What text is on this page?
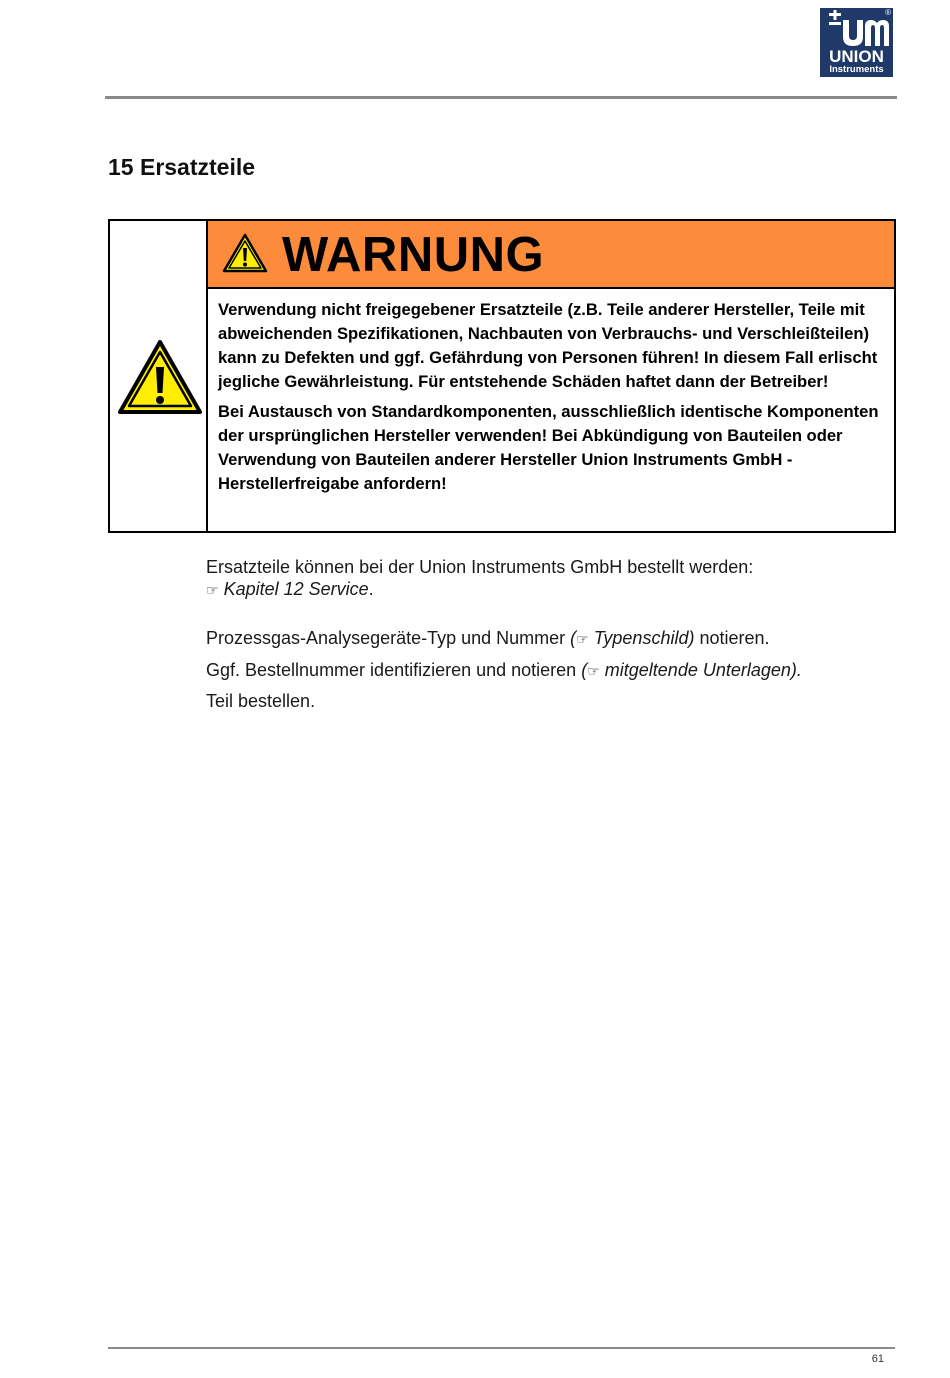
®
UNION
Instruments
15 Ersatzteile
WARNUNG

Verwendung nicht freigegebener Ersatzteile (z.B. Teile anderer Hersteller, Teile mit abweichenden Spezifikationen, Nachbauten von Verbrauchs- und Verschleißteilen) kann zu Defekten und ggf. Gefährdung von Personen führen! In diesem Fall erlischt jegliche Gewährleistung. Für entstehende Schäden haftet dann der Betreiber!

Bei Austausch von Standardkomponenten, ausschließlich identische Komponenten der ursprünglichen Hersteller verwenden! Bei Abkündigung von Bauteilen oder Verwendung von Bauteilen anderer Hersteller Union Instruments GmbH -Herstellerfreigabe anfordern!

Ersatzteile können bei der Union Instruments GmbH bestellt werden:
☞ Kapitel 12 Service.

Prozessgas-Analysegeräte-Typ und Nummer (☞ Typenschild) notieren.

Ggf. Bestellnummer identifizieren und notieren (☞ mitgeltende Unterlagen).

Teil bestellen.

61
